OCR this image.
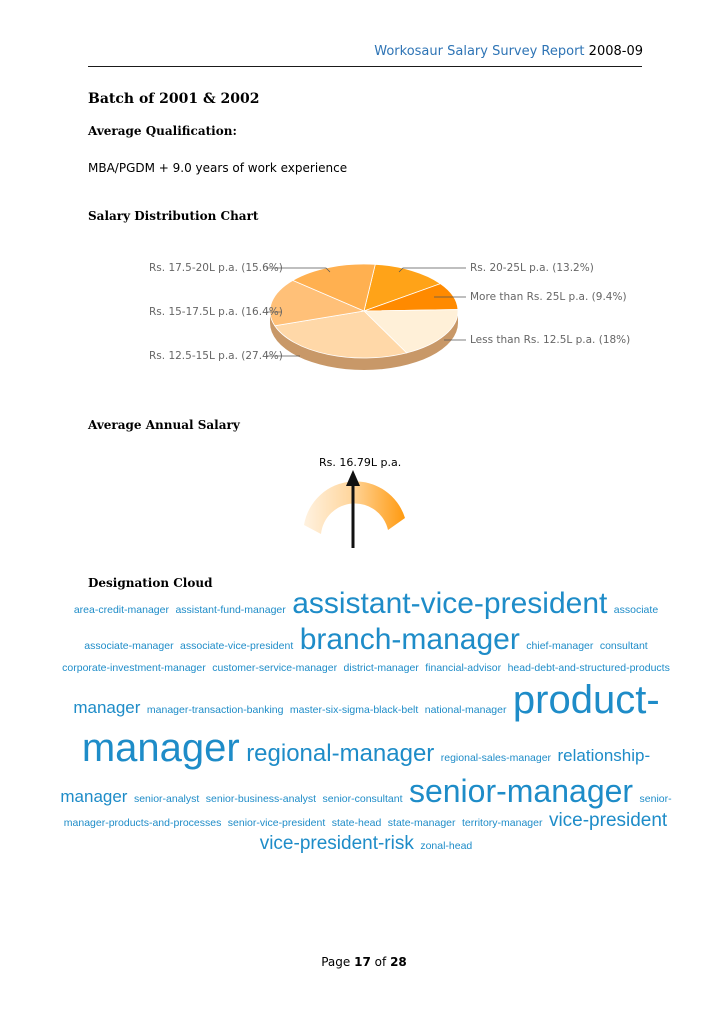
Workosaur Salary Survey Report 2008-09
Batch of 2001 & 2002
Average Qualification:
MBA/PGDM + 9.0 years of work experience
Salary Distribution Chart
Rs. 17.5-20L p.a. (15.6%)
Rs. 15-17.5L p.a. (16.4%)
Rs. 12.5-15L p.a. (27.4%)
Rs. 20-25L p.a. (13.2%)
More than Rs. 25L p.a. (9.4%)
Less than Rs. 12.5L p.a. (18%)
Average Annual Salary
Rs. 16.79L p.a.
Designation Cloud
area-credit-manager assistant-fund-manager assistant-vice-president associate associate-manager associate-vice-president branch-manager chief-manager consultant corporate-investment-manager customer-service-manager district-manager financial-advisor head-debt-and-structured-products manager manager-transaction-banking master-six-sigma-black-belt national-manager product-manager regional-manager regional-sales-manager relationship-manager senior-analyst senior-business-analyst senior-consultant senior-manager senior-manager-products-and-processes senior-vice-president state-head state-manager territory-manager vice-president vice-president-risk zonal-head
Page 17 of 28
